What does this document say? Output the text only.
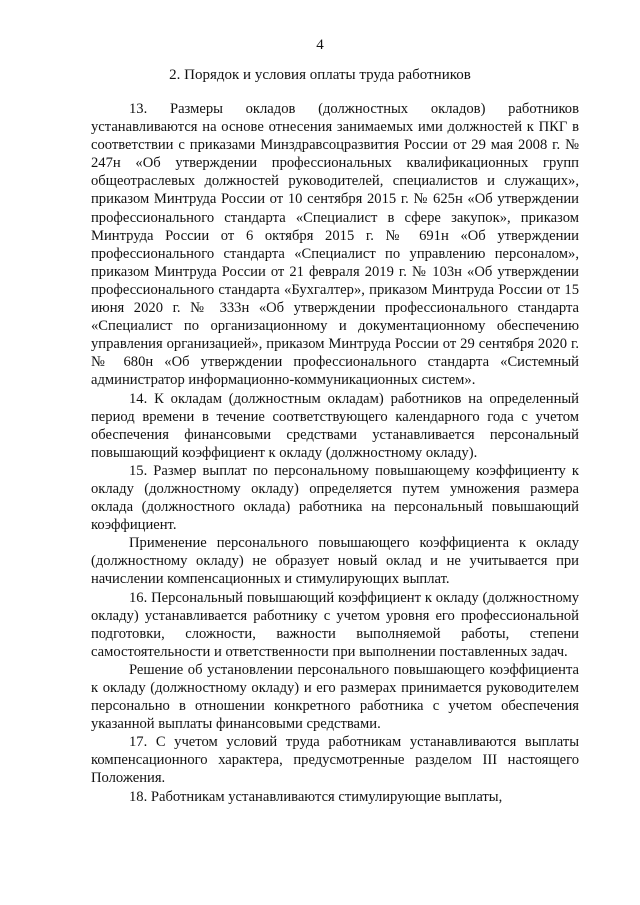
4
2. Порядок и условия оплаты труда работников

13. Размеры окладов (должностных окладов) работников устанавливаются на основе отнесения занимаемых ими должностей к ПКГ в соответствии с приказами Минздравсоцразвития России от 29 мая 2008 г. № 247н «Об утверждении профессиональных квалификационных групп общеотраслевых должностей руководителей, специалистов и служащих», приказом Минтруда России от 10 сентября 2015 г. № 625н «Об утверждении профессионального стандарта «Специалист в сфере закупок», приказом Минтруда России от 6 октября 2015 г. № 691н «Об утверждении профессионального стандарта «Специалист по управлению персоналом», приказом Минтруда России от 21 февраля 2019 г. № 103н «Об утверждении профессионального стандарта «Бухгалтер», приказом Минтруда России от 15 июня 2020 г. № 333н «Об утверждении профессионального стандарта «Специалист по организационному и документационному обеспечению управления организацией», приказом Минтруда России от 29 сентября 2020 г. № 680н «Об утверждении профессионального стандарта «Системный администратор информационно-коммуникационных систем».

14. К окладам (должностным окладам) работников на определенный период времени в течение соответствующего календарного года с учетом обеспечения финансовыми средствами устанавливается персональный повышающий коэффициент к окладу (должностному окладу).

15. Размер выплат по персональному повышающему коэффициенту к окладу (должностному окладу) определяется путем умножения размера оклада (должностного оклада) работника на персональный повышающий коэффициент.

Применение персонального повышающего коэффициента к окладу (должностному окладу) не образует новый оклад и не учитывается при начислении компенсационных и стимулирующих выплат.

16. Персональный повышающий коэффициент к окладу (должностному окладу) устанавливается работнику с учетом уровня его профессиональной подготовки, сложности, важности выполняемой работы, степени самостоятельности и ответственности при выполнении поставленных задач.

Решение об установлении персонального повышающего коэффициента к окладу (должностному окладу) и его размерах принимается руководителем персонально в отношении конкретного работника с учетом обеспечения указанной выплаты финансовыми средствами.

17. С учетом условий труда работникам устанавливаются выплаты компенсационного характера, предусмотренные разделом III настоящего Положения.

18. Работникам устанавливаются стимулирующие выплаты,
